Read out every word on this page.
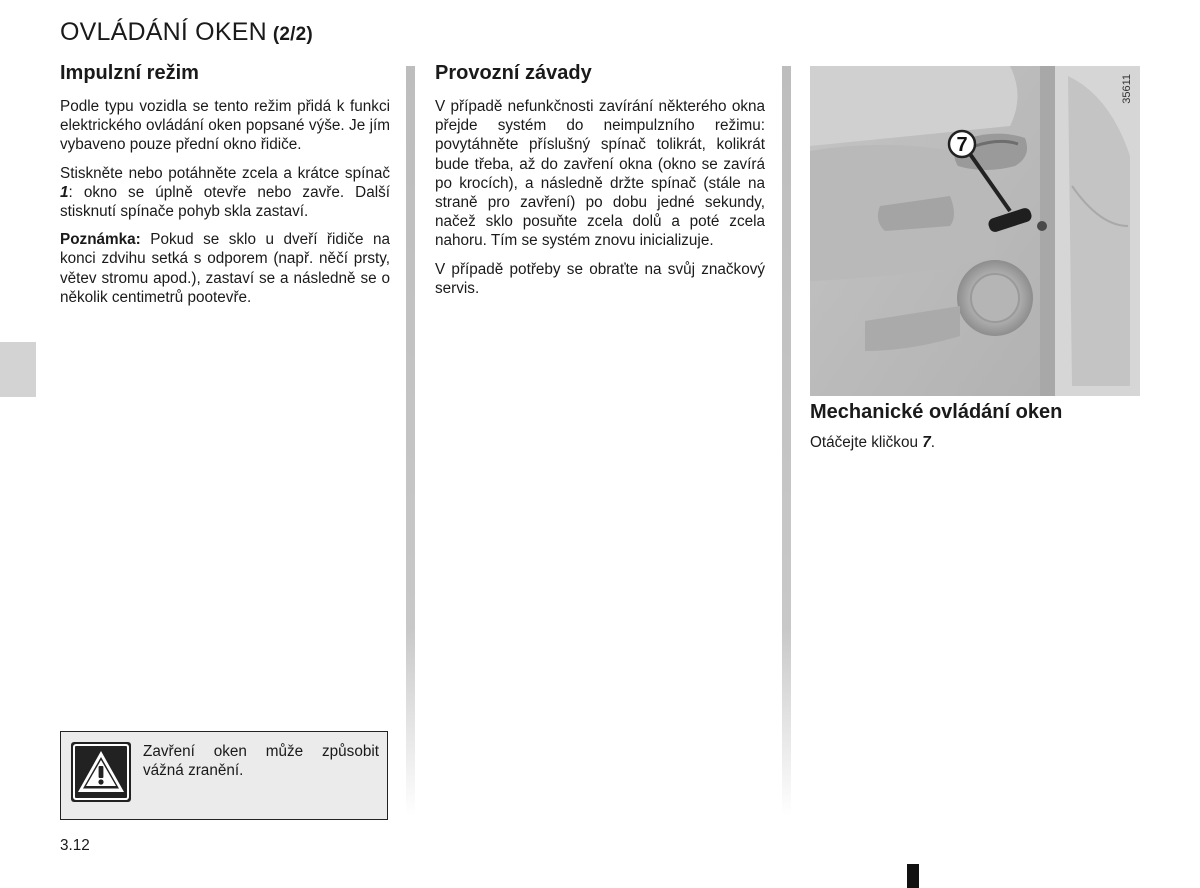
OVLÁDÁNÍ OKEN (2/2)
Impulzní režim

Podle typu vozidla se tento režim přidá k funkci elektrického ovládání oken popsané výše. Je jím vybaveno pouze přední okno řidiče.

Stiskněte nebo potáhněte zcela a krátce spínač 1: okno se úplně otevře nebo zavře. Další stisknutí spínače pohyb skla zastaví.

Poznámka: Pokud se sklo u dveří řidiče na konci zdvihu setká s odporem (např. něčí prsty, větev stromu apod.), zastaví se a následně se o několik centimetrů pootevře.

Provozní závady

V případě nefunkčnosti zavírání některého okna přejde systém do neimpulzního režimu: povytáhněte příslušný spínač tolikrát, kolikrát bude třeba, až do zavření okna (okno se zavírá po krocích), a následně držte spínač (stále na straně pro zavření) po dobu jedné sekundy, načež sklo posuňte zcela dolů a poté zcela nahoru. Tím se systém znovu inicializuje.

V případě potřeby se obraťte na svůj značkový servis.

7
35611
Mechanické ovládání oken

Otáčejte kličkou 7.

Zavření oken může způsobit vážná zranění.

3.12
